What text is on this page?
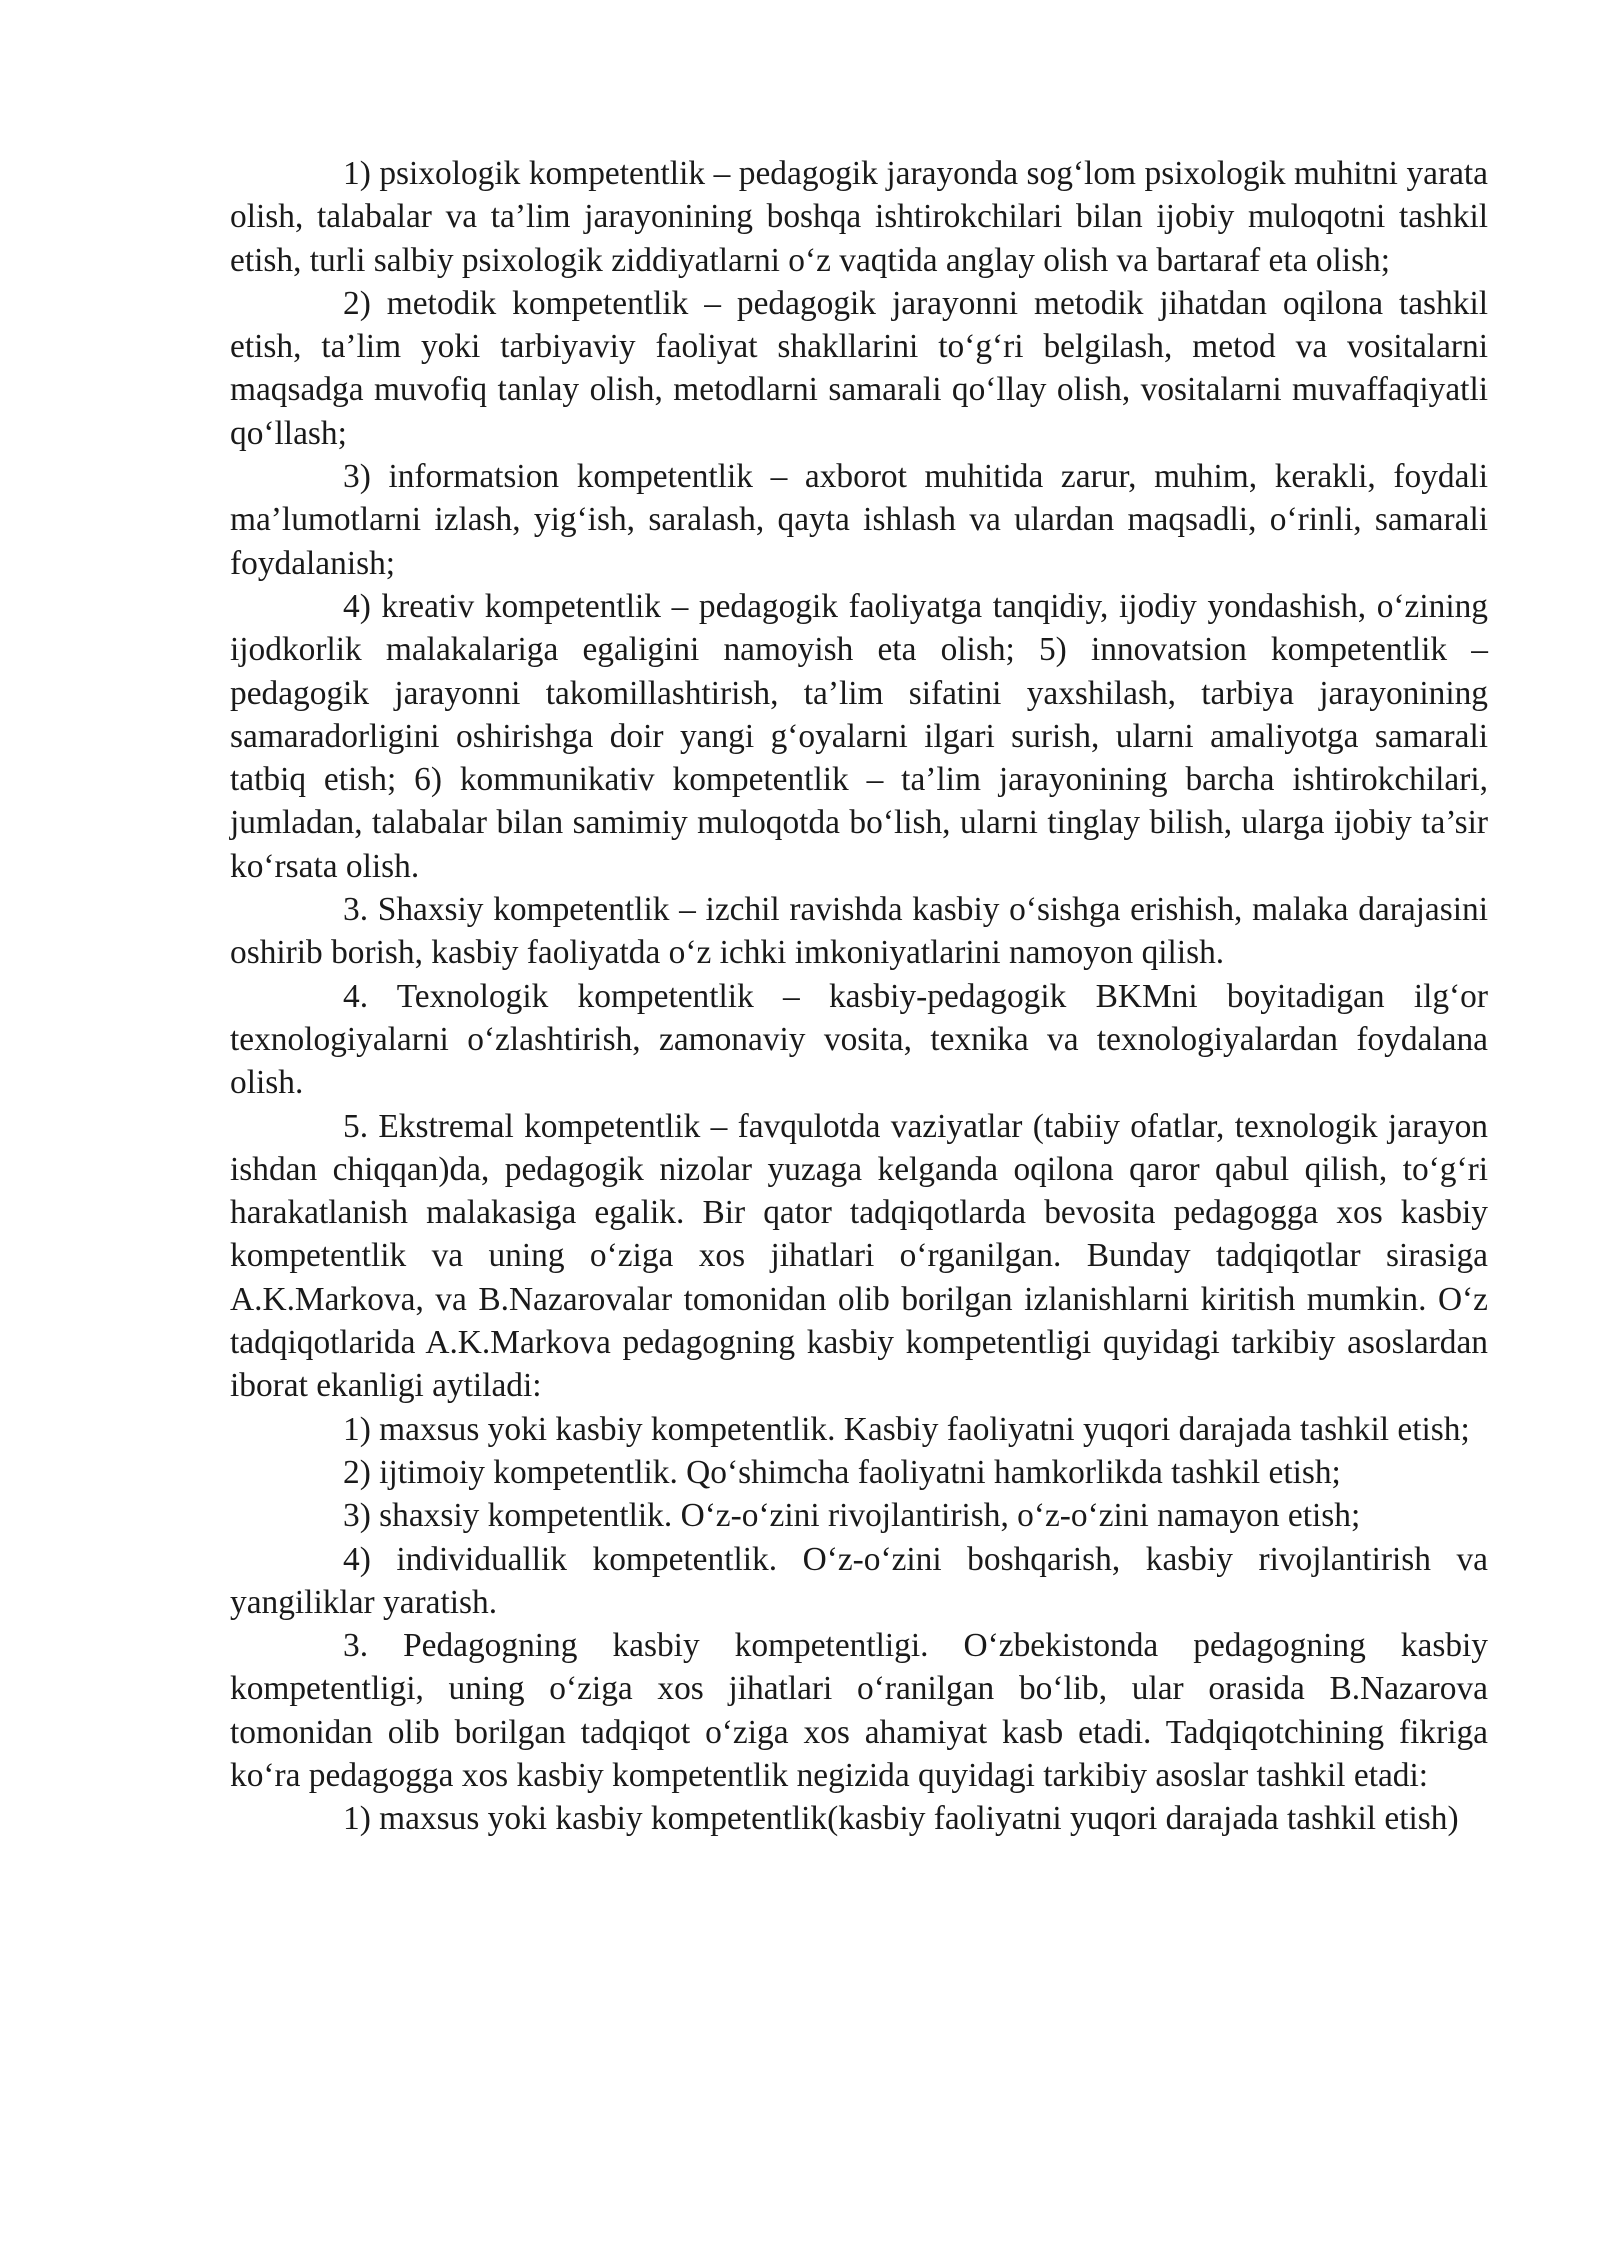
1) psixologik kompetentlik – pedagogik jarayonda sog‘lom psixologik muhitni yarata olish, talabalar va ta’lim jarayonining boshqa ishtirokchilari bilan ijobiy muloqotni tashkil etish, turli salbiy psixologik ziddiyatlarni o‘z vaqtida anglay olish va bartaraf eta olish;

2) metodik kompetentlik – pedagogik jarayonni metodik jihatdan oqilona tashkil etish, ta’lim yoki tarbiyaviy faoliyat shakllarini to‘g‘ri belgilash, metod va vositalarni maqsadga muvofiq tanlay olish, metodlarni samarali qo‘llay olish, vositalarni muvaffaqiyatli qo‘llash;

3) informatsion kompetentlik – axborot muhitida zarur, muhim, kerakli, foydali ma’lumotlarni izlash, yig‘ish, saralash, qayta ishlash va ulardan maqsadli, o‘rinli, samarali foydalanish;

4) kreativ kompetentlik – pedagogik faoliyatga tanqidiy, ijodiy yondashish, o‘zining ijodkorlik malakalariga egaligini namoyish eta olish; 5) innovatsion kompetentlik – pedagogik jarayonni takomillashtirish, ta’lim sifatini yaxshilash, tarbiya jarayonining samaradorligini oshirishga doir yangi g‘oyalarni ilgari surish, ularni amaliyotga samarali tatbiq etish; 6) kommunikativ kompetentlik – ta’lim jarayonining barcha ishtirokchilari, jumladan, talabalar bilan samimiy muloqotda bo‘lish, ularni tinglay bilish, ularga ijobiy ta’sir ko‘rsata olish.

3. Shaxsiy kompetentlik – izchil ravishda kasbiy o‘sishga erishish, malaka darajasini oshirib borish, kasbiy faoliyatda o‘z ichki imkoniyatlarini namoyon qilish.

4. Texnologik kompetentlik – kasbiy-pedagogik BKMni boyitadigan ilg‘or texnologiyalarni o‘zlashtirish, zamonaviy vosita, texnika va texnologiyalardan foydalana olish.

5. Ekstremal kompetentlik – favqulotda vaziyatlar (tabiiy ofatlar, texnologik jarayon ishdan chiqqan)da, pedagogik nizolar yuzaga kelganda oqilona qaror qabul qilish, to‘g‘ri harakatlanish malakasiga egalik. Bir qator tadqiqotlarda bevosita pedagogga xos kasbiy kompetentlik va uning o‘ziga xos jihatlari o‘rganilgan. Bunday tadqiqotlar sirasiga A.K.Markova, va B.Nazarovalar tomonidan olib borilgan izlanishlarni kiritish mumkin. O‘z tadqiqotlarida A.K.Markova pedagogning kasbiy kompetentligi quyidagi tarkibiy asoslardan iborat ekanligi aytiladi:

1) maxsus yoki kasbiy kompetentlik. Kasbiy faoliyatni yuqori darajada tashkil etish;

2) ijtimoiy kompetentlik. Qo‘shimcha faoliyatni hamkorlikda tashkil etish;

3) shaxsiy kompetentlik. O‘z-o‘zini rivojlantirish, o‘z-o‘zini namayon etish;

4) individuallik kompetentlik. O‘z-o‘zini boshqarish, kasbiy rivojlantirish va yangiliklar yaratish.

3. Pedagogning kasbiy kompetentligi. O‘zbekistonda pedagogning kasbiy kompetentligi, uning o‘ziga xos jihatlari o‘ranilgan bo‘lib, ular orasida B.Nazarova tomonidan olib borilgan tadqiqot o‘ziga xos ahamiyat kasb etadi. Tadqiqotchining fikriga ko‘ra pedagogga xos kasbiy kompetentlik negizida quyidagi tarkibiy asoslar tashkil etadi:

1) maxsus yoki kasbiy kompetentlik(kasbiy faoliyatni yuqori darajada tashkil etish)
